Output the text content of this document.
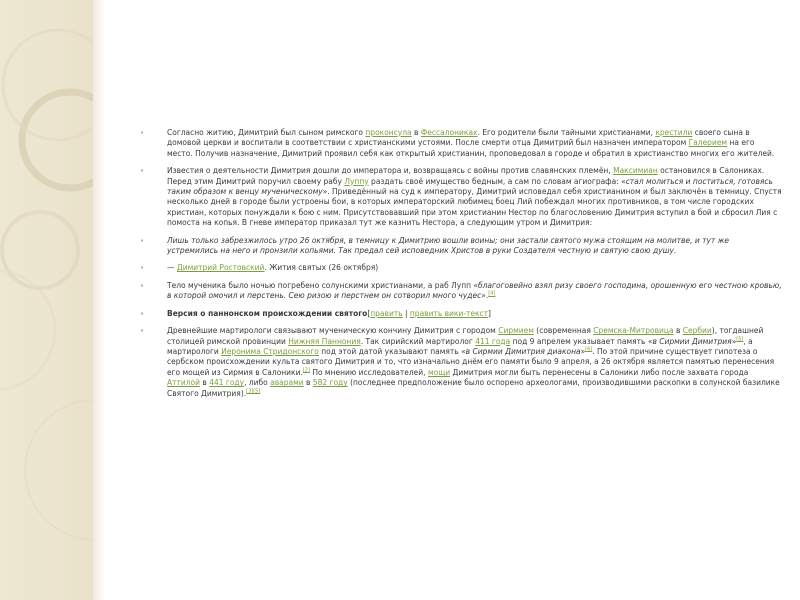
•	Согласно житию, Димитрий был сыном римского проконсула в Фессалониках. Его родители были тайными христианами, крестили своего сына в домовой церкви и воспитали в соответствии с христианскими устоями. После смерти отца Димитрий был назначен императором Галерием на его место. Получив назначение, Димитрий проявил себя как открытый христианин, проповедовал в городе и обратил в христианство многих его жителей.
•	Известия о деятельности Димитрия дошли до императора и, возвращаясь с войны против славянских племён, Максимиан остановился в Салониках. Перед этим Димитрий поручил своему рабу Луппу раздать своё имущество бедным, а сам по словам агиографа: «стал молиться и поститься, готовясь таким образом к венцу мученическому». Приведённый на суд к императору, Димитрий исповедал себя христианином и был заключён в темницу. Спустя несколько дней в городе были устроены бои, в которых императорский любимец боец Лий побеждал многих противников, в том числе городских христиан, которых понуждали к бою с ним. Присутствовавший при этом христианин Нестор по благословению Димитрия вступил в бой и сбросил Лия с помоста на копья. В гневе император приказал тут же казнить Нестора, а следующим утром и Димитрия:
•	Лишь только забрезжилось утро 26 октября, в темницу к Димитрию вошли воины; они застали святого мужа стоящим на молитве, и тут же устремились на него и пронзили копьями. Так предал сей исповедник Христов в руки Создателя честную и святую свою душу.
•	— Димитрий Ростовский. Жития святых (26 октября)
•	Тело мученика было ночью погребено солунскими христианами, а раб Лупп «благоговейно взял ризу своего господина, орошенную его честною кровью, в которой омочил и перстень. Сею ризою и перстнем он сотворил много чудес».[4]
•	Версия о паннонском происхождении святого[править | править вики-текст]
•	Древнейшие мартирологи связывают мученическую кончину Димитрия с городом Сирмием (современная Сремска-Митровица в Сербии), тогдашней столицей римской провинции Нижняя Паннония. Так сирийский мартиролог 411 года под 9 апрелем указывает память «в Сирмии Димитрия»[5], а мартирологи Иеронима Стридонского под этой датой указывают память «в Сирмии Димитрия диакона»[6]. По этой причине существует гипотеза о сербском происхождении культа святого Димитрия и то, что изначально днём его памяти было 9 апреля, а 26 октября является памятью перенесения его мощей из Сирмия в Салоники.[2] По мнению исследователей, мощи Димитрия могли быть перенесены в Салоники либо после захвата города Аттилой в 441 году, либо аварами в 582 году (последнее предположение было оспорено археологами, производившими раскопки в солунской базилике Святого Димитрия).[3][5]
